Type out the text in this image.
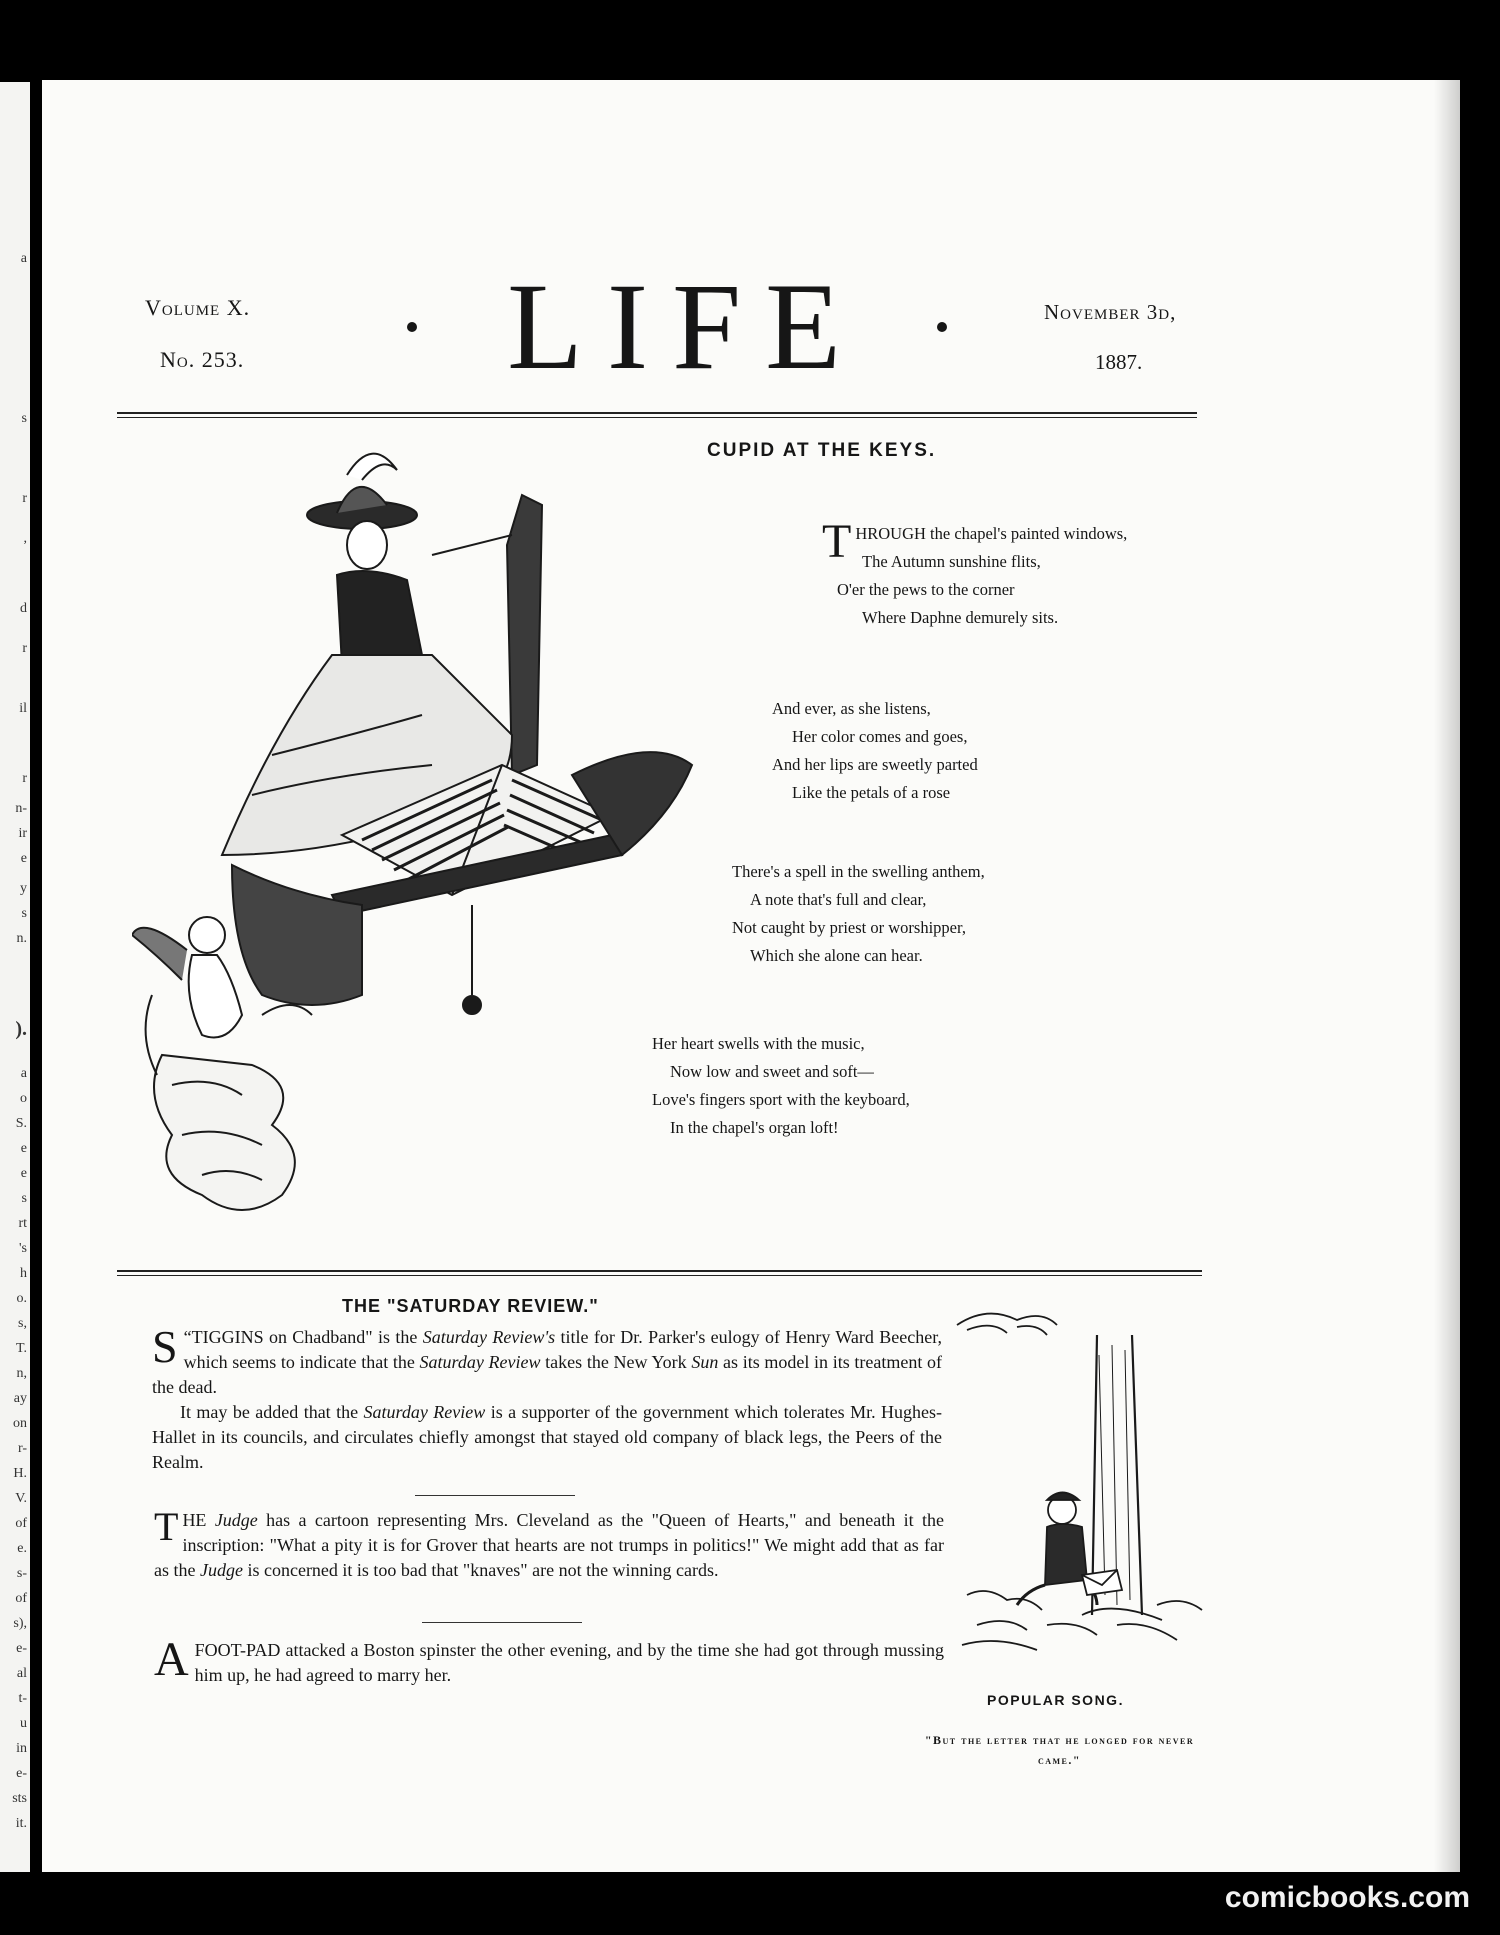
a
s
r
,
d
r
il
r
n-
ir
e
y
s
n.
).
a
o
S.
e
e
s
rt
's
h
o.
s,
T.
n,
ay
on
r-
H.
V.
of
e.
s-
of
s),
e-
al
t-
u
in
e-
sts
it.
Volume X.
No. 253. LIFE	November 3d,
1887.
CUPID AT THE KEYS.
THROUGH the chapel's painted windows,
The Autumn sunshine flits,
O'er the pews to the corner
Where Daphne demurely sits.
And ever, as she listens,
Her color comes and goes,
And her lips are sweetly parted
Like the petals of a rose
There's a spell in the swelling anthem,
A note that's full and clear,
Not caught by priest or worshipper,
Which she alone can hear.
Her heart swells with the music,
Now low and sweet and soft—
Love's fingers sport with the keyboard,
In the chapel's organ loft!
THE "SATURDAY REVIEW."

“
S TIGGINS on Chadband" is the Saturday Review's title for Dr. Parker's eulogy of Henry Ward Beecher, which seems to indicate that the Saturday Review takes the New York Sun as its model in its treatment of the dead.

It may be added that the Saturday Review is a supporter of the government which tolerates Mr. Hughes-Hallet in its councils, and circulates chiefly amongst that stayed old company of black legs, the Peers of the Realm.

THE Judge has a cartoon representing Mrs. Cleveland as the "Queen of Hearts," and beneath it the inscription: "What a pity it is for Grover that hearts are not trumps in politics!" We might add that as far as the Judge is concerned it is too bad that "knaves" are not the winning cards.

A FOOT-PAD attacked a Boston spinster the other evening, and by the time she had got through mussing him up, he had agreed to marry her.

POPULAR SONG.
"But the letter that he longed for never came."
comicbooks.com
